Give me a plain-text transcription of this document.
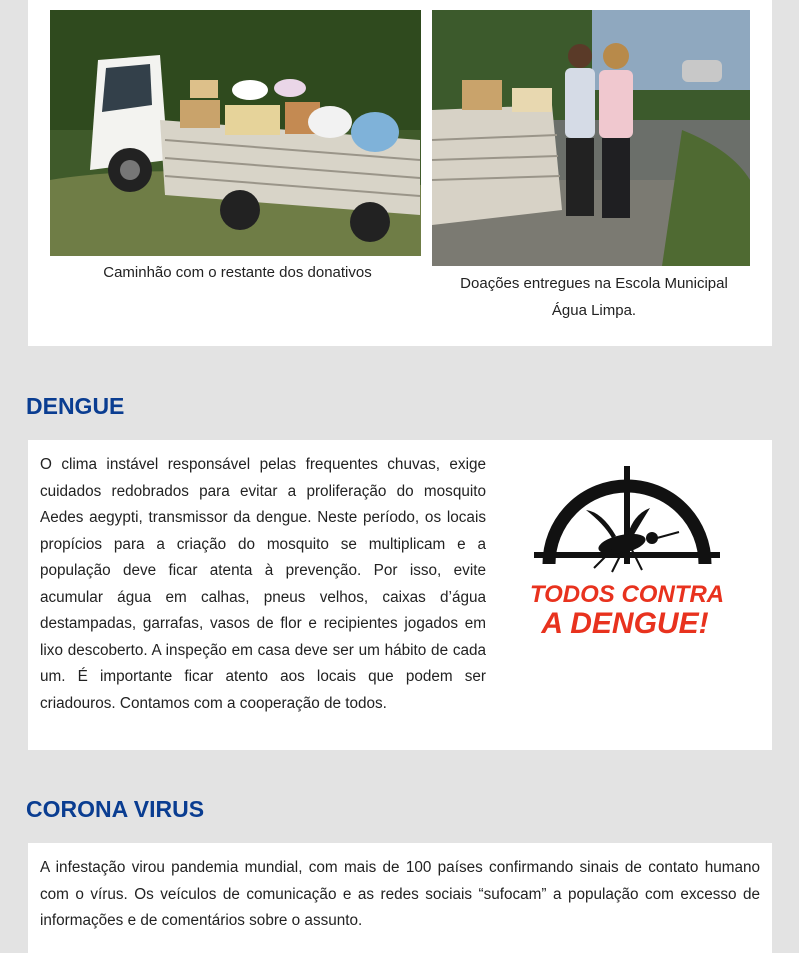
Caminhão com o restante dos donativos
Doações entregues na Escola Municipal
Água Limpa.
DENGUE
TODOS CONTRA
A DENGUE!
O clima instável responsável pelas frequentes chuvas, exige cuidados redobrados para evitar a proliferação do mosquito Aedes aegypti, transmissor da dengue. Neste período, os locais propícios para a criação do mosquito se multiplicam e a população deve ficar atenta à prevenção. Por isso, evite acumular água em calhas, pneus velhos, caixas d’água destampadas, garrafas, vasos de flor e recipientes jogados em lixo descoberto. A inspeção em casa deve ser um hábito de cada um. É importante ficar atento aos locais que podem ser criadouros. Contamos com a cooperação de todos.
CORONA VIRUS

A infestação virou pandemia mundial, com mais de 100 países confirmando sinais de contato humano com o vírus. Os veículos de comunicação e as redes sociais “sufocam” a população com excesso de informações e de comentários sobre o assunto.
